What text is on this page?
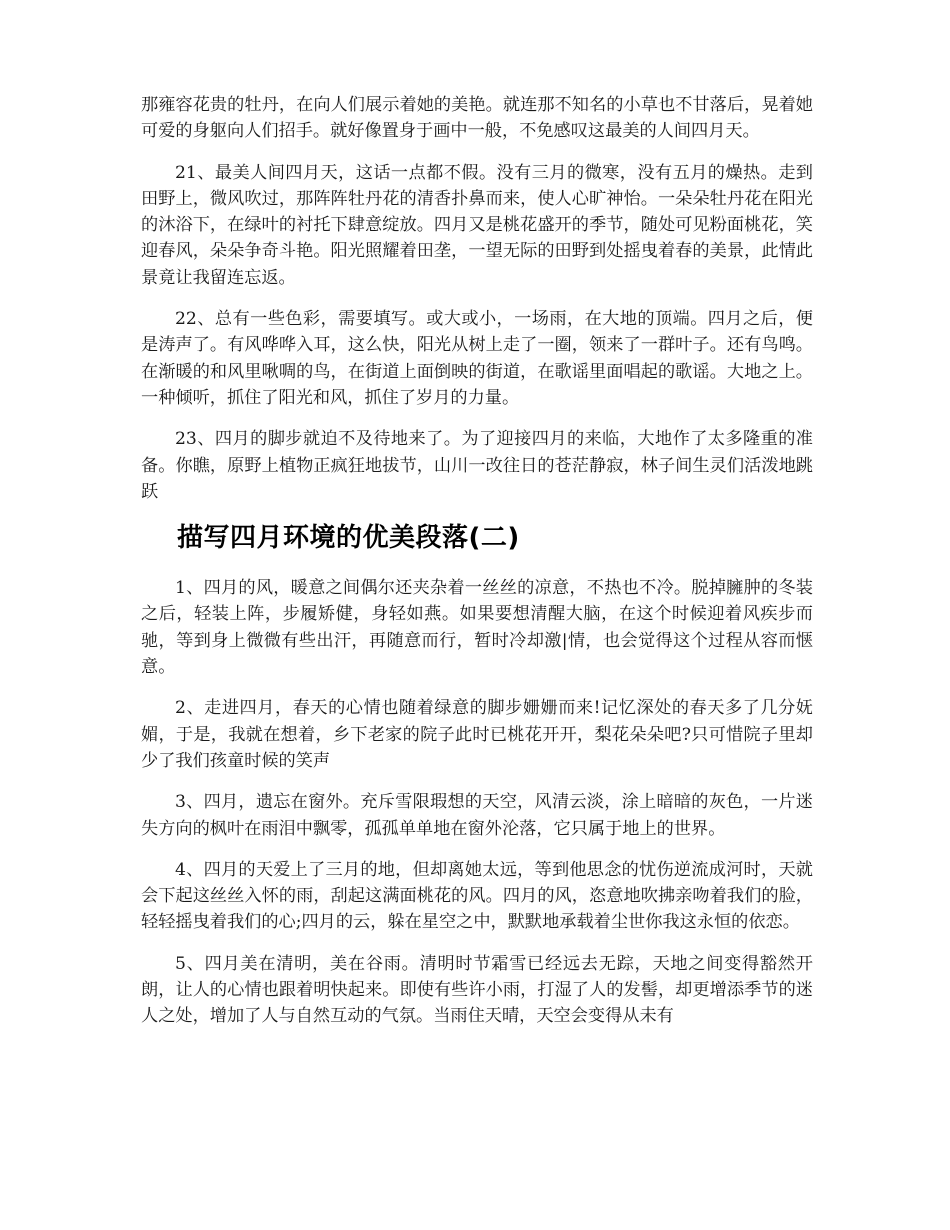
那雍容花贵的牡丹，在向人们展示着她的美艳。就连那不知名的小草也不甘落后，晃着她可爱的身躯向人们招手。就好像置身于画中一般，不免感叹这最美的人间四月天。

21、最美人间四月天，这话一点都不假。没有三月的微寒，没有五月的燥热。走到田野上，微风吹过，那阵阵牡丹花的清香扑鼻而来，使人心旷神怡。一朵朵牡丹花在阳光的沐浴下，在绿叶的衬托下肆意绽放。四月又是桃花盛开的季节，随处可见粉面桃花，笑迎春风，朵朵争奇斗艳。阳光照耀着田垄，一望无际的田野到处摇曳着春的美景，此情此景竟让我留连忘返。

22、总有一些色彩，需要填写。或大或小，一场雨，在大地的顶端。四月之后，便是涛声了。有风哗哗入耳，这么快，阳光从树上走了一圈，领来了一群叶子。还有鸟鸣。在渐暖的和风里啾啁的鸟，在街道上面倒映的街道，在歌谣里面唱起的歌谣。大地之上。一种倾听，抓住了阳光和风，抓住了岁月的力量。

23、四月的脚步就迫不及待地来了。为了迎接四月的来临，大地作了太多隆重的准备。你瞧，原野上植物正疯狂地拔节，山川一改往日的苍茫静寂，林子间生灵们活泼地跳跃

描写四月环境的优美段落(二)

1、四月的风，暖意之间偶尔还夹杂着一丝丝的凉意，不热也不冷。脱掉臃肿的冬装之后，轻装上阵，步履矫健，身轻如燕。如果要想清醒大脑，在这个时候迎着风疾步而驰，等到身上微微有些出汗，再随意而行，暂时冷却激|情，也会觉得这个过程从容而惬意。

2、走进四月，春天的心情也随着绿意的脚步姗姗而来!记忆深处的春天多了几分妩媚，于是，我就在想着，乡下老家的院子此时已桃花开开，梨花朵朵吧?只可惜院子里却少了我们孩童时候的笑声

3、四月，遗忘在窗外。充斥雪限瑕想的天空，风清云淡，涂上暗暗的灰色，一片迷失方向的枫叶在雨泪中飘零，孤孤单单地在窗外沦落，它只属于地上的世界。

4、四月的天爱上了三月的地，但却离她太远，等到他思念的忧伤逆流成河时，天就会下起这丝丝入怀的雨，刮起这满面桃花的风。四月的风，恣意地吹拂亲吻着我们的脸，轻轻摇曳着我们的心;四月的云，躲在星空之中，默默地承载着尘世你我这永恒的依恋。

5、四月美在清明，美在谷雨。清明时节霜雪已经远去无踪，天地之间变得豁然开朗，让人的心情也跟着明快起来。即使有些许小雨，打湿了人的发髻，却更增添季节的迷人之处，增加了人与自然互动的气氛。当雨住天晴，天空会变得从未有
